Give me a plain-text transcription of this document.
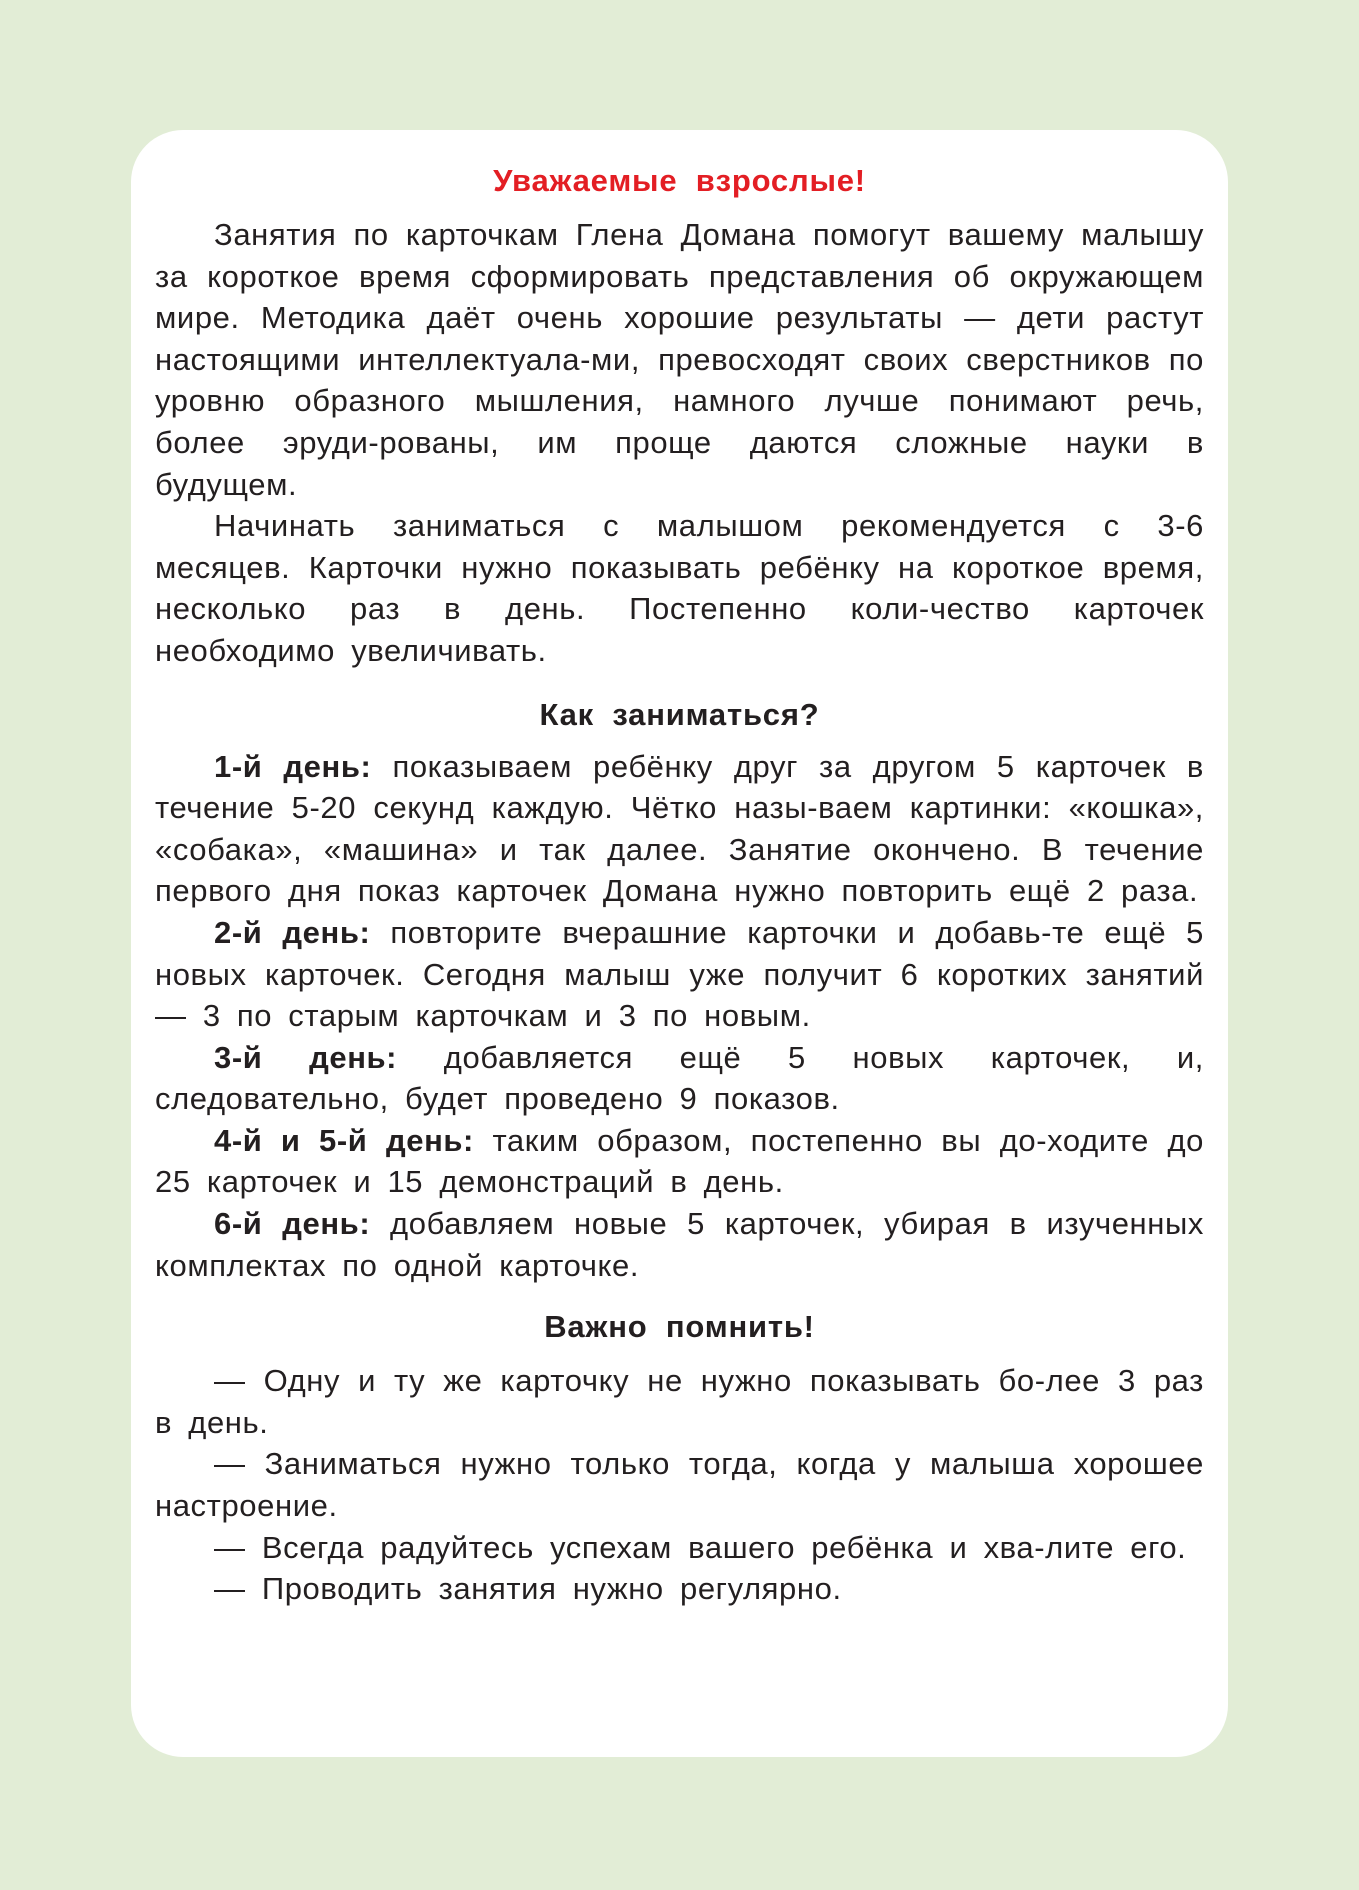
Уважаемые взрослые!

Занятия по карточкам Глена Домана помогут вашему малышу за короткое время сформировать представления об окружающем мире. Методика даёт очень хорошие результаты — дети растут настоящими интеллектуала-ми, превосходят своих сверстников по уровню образного мышления, намного лучше понимают речь, более эруди-рованы, им проще даются сложные науки в будущем.

Начинать заниматься с малышом рекомендуется с 3-6 месяцев. Карточки нужно показывать ребёнку на короткое время, несколько раз в день. Постепенно коли-чество карточек необходимо увеличивать.

Как заниматься?

1-й день: показываем ребёнку друг за другом 5 карточек в течение 5-20 секунд каждую. Чётко назы-ваем картинки: «кошка», «собака», «машина» и так далее. Занятие окончено. В течение первого дня показ карточек Домана нужно повторить ещё 2 раза.

2-й день: повторите вчерашние карточки и добавь-те ещё 5 новых карточек. Сегодня малыш уже получит 6 коротких занятий — 3 по старым карточкам и 3 по новым.

3-й день: добавляется ещё 5 новых карточек, и, следовательно, будет проведено 9 показов.

4-й и 5-й день: таким образом, постепенно вы до-ходите до 25 карточек и 15 демонстраций в день.

6-й день: добавляем новые 5 карточек, убирая в изученных комплектах по одной карточке.

Важно помнить!

— Одну и ту же карточку не нужно показывать бо-лее 3 раз в день.

— Заниматься нужно только тогда, когда у малыша хорошее настроение.

— Всегда радуйтесь успехам вашего ребёнка и хва-лите его.

— Проводить занятия нужно регулярно.
